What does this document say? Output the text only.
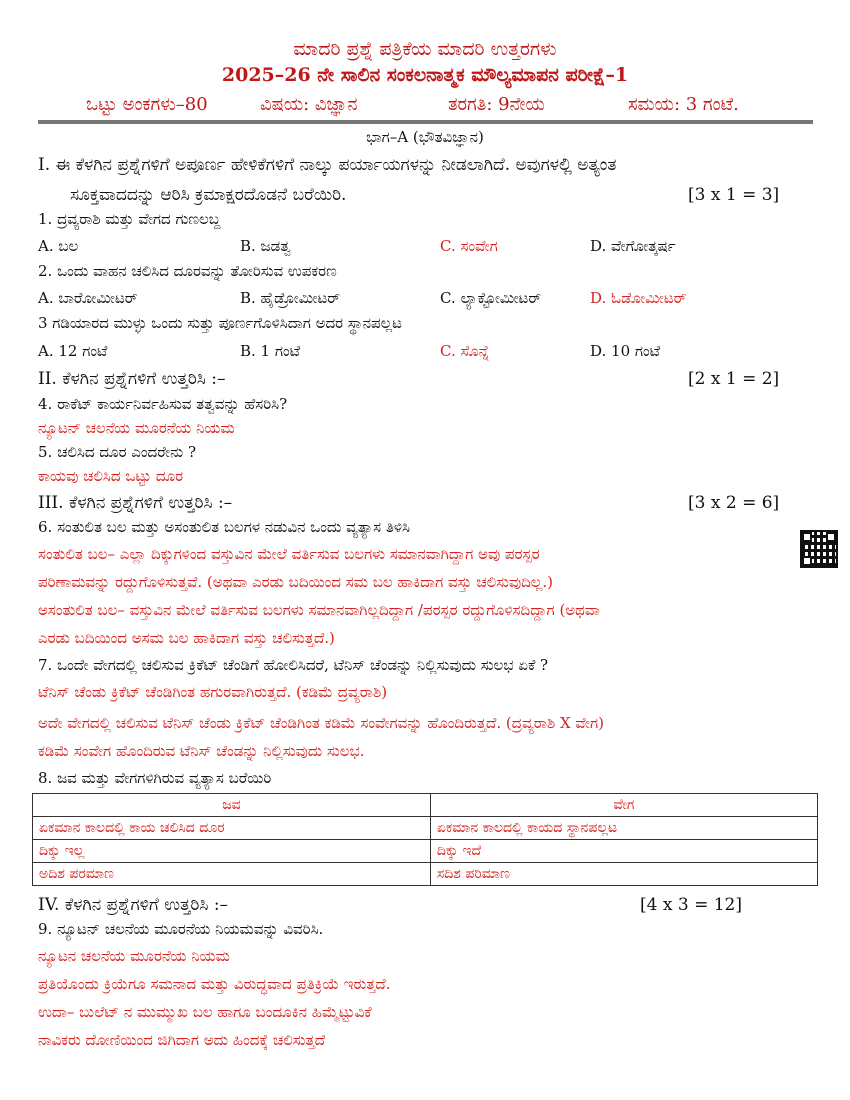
ಮಾದರಿ ಪ್ರಶ್ನೆ ಪತ್ರಿಕೆಯ ಮಾದರಿ ಉತ್ತರಗಳು
2025–26 ನೇ ಸಾಲಿನ ಸಂಕಲನಾತ್ಮಕ ಮೌಲ್ಯಮಾಪನ ಪರೀಕ್ಷೆ–1
ಒಟ್ಟು ಅಂಕಗಳು–80	ವಿಷಯ: ವಿಜ್ಞಾನ	ತರಗತಿ: 9ನೇಯ	ಸಮಯ: 3 ಗಂಟೆ.
ಭಾಗ–A (ಭೌತವಿಜ್ಞಾನ)
I. ಈ ಕೆಳಗಿನ ಪ್ರಶ್ನೆಗಳಿಗೆ ಅಪೂರ್ಣ ಹೇಳಿಕೆಗಳಿಗೆ ನಾಲ್ಕು ಪರ್ಯಾಯಗಳನ್ನು ನೀಡಲಾಗಿದೆ. ಅವುಗಳಲ್ಲಿ ಅತ್ಯಂತ
ಸೂಕ್ತವಾದದನ್ನು ಆರಿಸಿ ಕ್ರಮಾಕ್ಷರದೊಡನೆ ಬರೆಯಿರಿ.	[3 x 1 = 3]
1. ದ್ರವ್ಯರಾಶಿ ಮತ್ತು ವೇಗದ ಗುಣಲಬ್ದ
A. ಬಲ	B. ಜಡತ್ವ	C. ಸಂವೇಗ	D. ವೇಗೋತ್ಕರ್ಷ
2. ಒಂದು ವಾಹನ ಚಲಿಸಿದ ದೂರವನ್ನು ತೋರಿಸುವ ಉಪಕರಣ
A. ಬಾರೋಮೀಟರ್	B. ಹೈಡ್ರೋಮೀಟರ್	C. ಲ್ಯಾಕ್ಟೋಮೀಟರ್	D. ಓಡೋಮೀಟರ್
3 ಗಡಿಯಾರದ ಮುಳ್ಳು ಒಂದು ಸುತ್ತು ಪೂರ್ಣಗೊಳಿಸಿದಾಗ ಅದರ ಸ್ಥಾನಪಲ್ಲಟ
A. 12 ಗಂಟೆ	B. 1 ಗಂಟೆ	C. ಸೊನ್ನೆ	D. 10 ಗಂಟೆ
II. ಕೆಳಗಿನ ಪ್ರಶ್ನೆಗಳಿಗೆ ಉತ್ತರಿಸಿ :–	[2 x 1 = 2]
4. ರಾಕೆಟ್ ಕಾರ್ಯನಿರ್ವಹಿಸುವ ತತ್ವವನ್ನು ಹೆಸರಿಸಿ?
ನ್ಯೂಟನ್ ಚಲನೆಯ ಮೂರನೆಯ ನಿಯಮ
5. ಚಲಿಸಿದ ದೂರ ಎಂದರೇನು ?
ಕಾಯವು ಚಲಿಸಿದ ಒಟ್ಟು ದೂರ
III. ಕೆಳಗಿನ ಪ್ರಶ್ನೆಗಳಿಗೆ ಉತ್ತರಿಸಿ :–	[3 x 2 = 6]
6. ಸಂತುಲಿತ ಬಲ ಮತ್ತು ಅಸಂತುಲಿತ ಬಲಗಳ ನಡುವಿನ ಒಂದು ವ್ಯತ್ಯಾಸ ತಿಳಿಸಿ
ಸಂತುಲಿತ ಬಲ– ಎಲ್ಲಾ ದಿಕ್ಕುಗಳಿಂದ ವಸ್ತುವಿನ ಮೇಲೆ ವರ್ತಿಸುವ ಬಲಗಳು ಸಮಾನವಾಗಿದ್ದಾಗ ಅವು ಪರಸ್ಪರ
ಪರಿಣಾಮವನ್ನು ರದ್ದುಗೊಳಿಸುತ್ತವೆ. (ಅಥವಾ ಎರಡು ಬದಿಯಿಂದ ಸಮ ಬಲ ಹಾಕಿದಾಗ ವಸ್ತು ಚಲಿಸುವುದಿಲ್ಲ.)
ಅಸಂತುಲಿತ ಬಲ– ವಸ್ತುವಿನ ಮೇಲೆ ವರ್ತಿಸುವ ಬಲಗಳು ಸಮಾನವಾಗಿಲ್ಲದಿದ್ದಾಗ /ಪರಸ್ಪರ ರದ್ದುಗೊಳಿಸದಿದ್ದಾಗ (ಅಥವಾ
ಎರಡು ಬದಿಯಿಂದ ಅಸಮ ಬಲ ಹಾಕಿದಾಗ ವಸ್ತು ಚಲಿಸುತ್ತದೆ.)
7. ಒಂದೇ ವೇಗದಲ್ಲಿ ಚಲಿಸುವ ಕ್ರಿಕೆಟ್ ಚೆಂಡಿಗೆ ಹೋಲಿಸಿದರೆ, ಟೆನಿಸ್ ಚೆಂಡನ್ನು ನಿಲ್ಲಿಸುವುದು ಸುಲಭ ಏಕೆ ?
ಟೆನಿಸ್ ಚೆಂಡು ಕ್ರಿಕೆಟ್ ಚೆಂಡಿಗಿಂತ ಹಗುರವಾಗಿರುತ್ತದೆ. (ಕಡಿಮೆ ದ್ರವ್ಯರಾಶಿ)
ಅದೇ ವೇಗದಲ್ಲಿ ಚಲಿಸುವ ಟೆನಿಸ್ ಚೆಂಡು ಕ್ರಿಕೆಟ್ ಚೆಂಡಿಗಿಂತ ಕಡಿಮೆ ಸಂವೇಗವನ್ನು ಹೊಂದಿರುತ್ತದೆ. (ದ್ರವ್ಯರಾಶಿ X ವೇಗ)
ಕಡಿಮೆ ಸಂವೇಗ ಹೊಂದಿರುವ ಟೆನಿಸ್ ಚೆಂಡನ್ನು ನಿಲ್ಲಿಸುವುದು ಸುಲಭ.
8. ಜವ ಮತ್ತು ವೇಗಗಳಿಗಿರುವ ವ್ಯತ್ಯಾಸ ಬರೆಯಿರಿ
ಜವ	ವೇಗ
ಏಕಮಾನ ಕಾಲದಲ್ಲಿ ಕಾಯ ಚಲಿಸಿದ ದೂರ	ಏಕಮಾನ ಕಾಲದಲ್ಲಿ ಕಾಯದ ಸ್ಥಾನಪಲ್ಲಟ
ದಿಕ್ಕು ಇಲ್ಲ	ದಿಕ್ಕು ಇದೆ
ಅದಿಶ ಪರಮಾಣ	ಸದಿಶ ಪರಿಮಾಣ
IV. ಕೆಳಗಿನ ಪ್ರಶ್ನೆಗಳಿಗೆ ಉತ್ತರಿಸಿ :–	[4 x 3 = 12]
9. ನ್ಯೂಟನ್ ಚಲನೆಯ ಮೂರನೆಯ ನಿಯಮವನ್ನು ವಿವರಿಸಿ.
ನ್ಯೂಟನ ಚಲನೆಯ ಮೂರನೆಯ ನಿಯಮ
ಪ್ರತಿಯೊಂದು ಕ್ರಿಯೆಗೂ ಸಮನಾದ ಮತ್ತು ವಿರುದ್ಧವಾದ ಪ್ರತಿಕ್ರಿಯೆ ಇರುತ್ತದೆ.
ಉದಾ– ಬುಲೆಟ್ ನ ಮುಮ್ಮುಖ ಬಲ ಹಾಗೂ ಬಂದೂಕಿನ ಹಿಮ್ಮೆಟ್ಟುವಿಕೆ
ನಾವಿಕರು ದೋಣಿಯಿಂದ ಜಿಗಿದಾಗ ಅದು ಹಿಂದಕ್ಕೆ ಚಲಿಸುತ್ತದೆ
